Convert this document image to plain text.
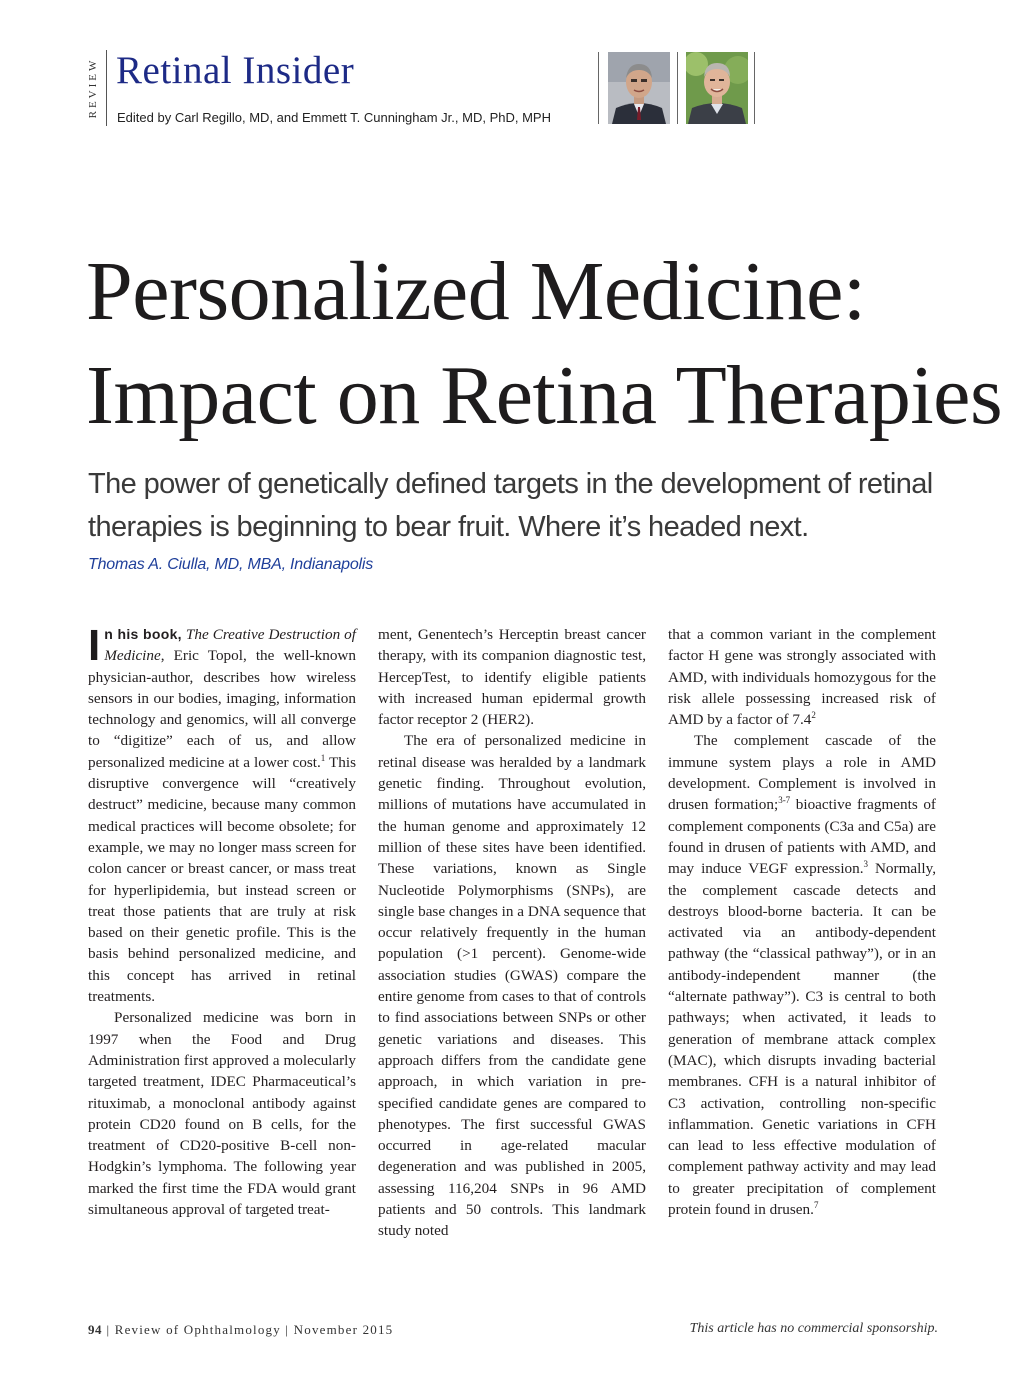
REVIEW Retinal Insider
Edited by Carl Regillo, MD, and Emmett T. Cunningham Jr., MD, PhD, MPH
Personalized Medicine:
Impact on Retina Therapies
The power of genetically defined targets in the development of retinal therapies is beginning to bear fruit. Where it’s headed next.
Thomas A. Ciulla, MD, MBA, Indianapolis

In his book, The Creative Destruction of Medicine, Eric Topol, the well-known physician-author, describes how wireless sensors in our bodies, imaging, information technology and genomics, will all converge to “digitize” each of us, and allow personalized medicine at a lower cost.$^1$ This disruptive convergence will “creatively destruct” medicine, because many common medical practices will become obsolete; for example, we may no longer mass screen for colon cancer or breast cancer, or mass treat for hyperlipidemia, but instead screen or treat those patients that are truly at risk based on their genetic profile. This is the basis behind personalized medicine, and this concept has arrived in retinal treatments.

Personalized medicine was born in 1997 when the Food and Drug Administration first approved a molecularly targeted treatment, IDEC Pharmaceutical’s rituximab, a monoclonal antibody against protein CD20 found on B cells, for the treatment of CD20-positive B-cell non-Hodgkin’s lymphoma. The following year marked the first time the FDA would grant simultaneous approval of targeted treat-

ment, Genentech’s Herceptin breast cancer therapy, with its companion diagnostic test, HercepTest, to identify eligible patients with increased human epidermal growth factor receptor 2 (HER2).

The era of personalized medicine in retinal disease was heralded by a landmark genetic finding. Throughout evolution, millions of mutations have accumulated in the human genome and approximately 12 million of these sites have been identified. These variations, known as Single Nucleotide Polymorphisms (SNPs), are single base changes in a DNA sequence that occur relatively frequently in the human population (>1 percent). Genome-wide association studies (GWAS) compare the entire genome from cases to that of controls to find associations between SNPs or other genetic variations and diseases. This approach differs from the candidate gene approach, in which variation in pre-specified candidate genes are compared to phenotypes. The first successful GWAS occurred in age-related macular degeneration and was published in 2005, assessing 116,204 SNPs in 96 AMD patients and 50 controls. This landmark study noted

that a common variant in the complement factor H gene was strongly associated with AMD, with individuals homozygous for the risk allele possessing increased risk of AMD by a factor of $7.4^2$

The complement cascade of the immune system plays a role in AMD development. Complement is involved in drusen formation;$^{3-7}$ bioactive fragments of complement components (C3a and C5a) are found in drusen of patients with AMD, and may induce VEGF expression.$^3$ Normally, the complement cascade detects and destroys blood-borne bacteria. It can be activated via an antibody-dependent pathway (the “classical pathway”), or in an antibody-independent manner (the “alternate pathway”). C3 is central to both pathways; when activated, it leads to generation of membrane attack complex (MAC), which disrupts invading bacterial membranes. CFH is a natural inhibitor of C3 activation, controlling non-specific inflammation. Genetic variations in CFH can lead to less effective modulation of complement pathway activity and may lead to greater precipitation of complement protein found in drusen.$^7$

94 | Review of Ophthalmology | November 2015	This article has no commercial sponsorship.
